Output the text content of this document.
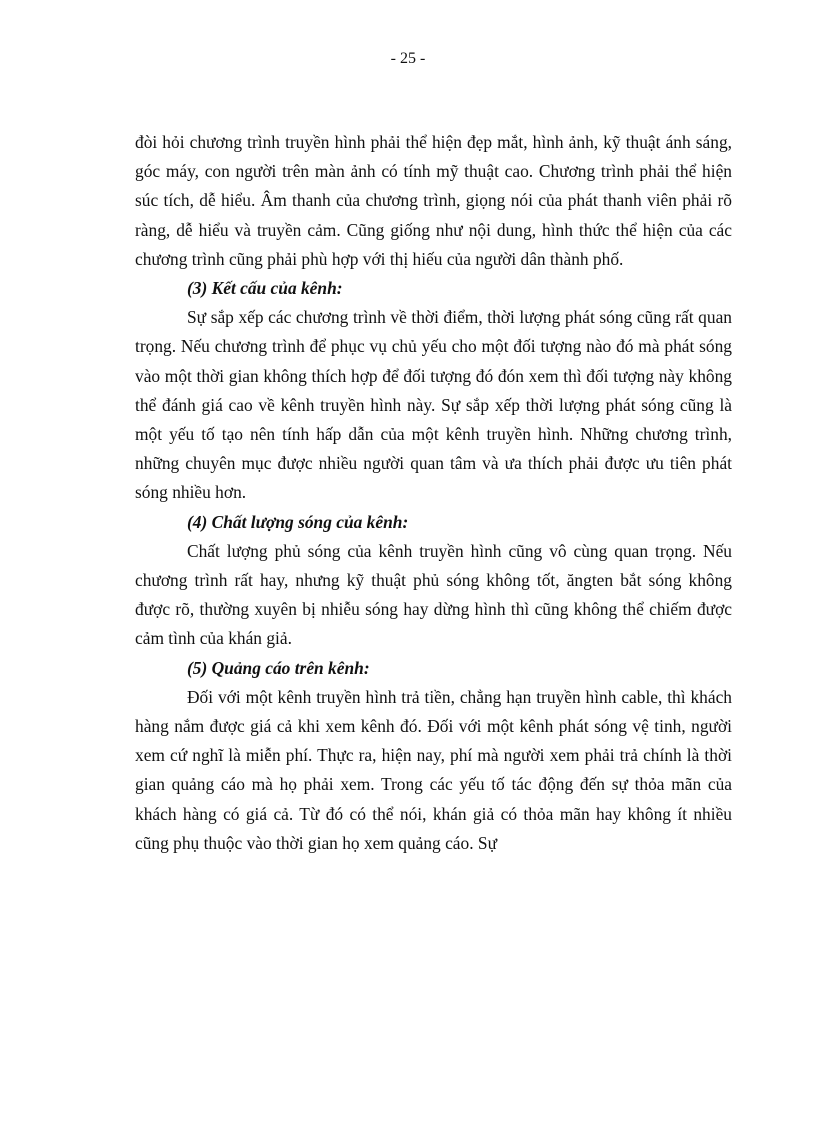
- 25 -

đòi hỏi chương trình truyền hình phải thể hiện đẹp mắt, hình ảnh, kỹ thuật ánh sáng, góc máy, con người trên màn ảnh có tính mỹ thuật cao. Chương trình phải thể hiện súc tích, dễ hiểu. Âm thanh của chương trình, giọng nói của phát thanh viên phải rõ ràng, dễ hiểu và truyền cảm. Cũng giống như nội dung, hình thức thể hiện của các chương trình cũng phải phù hợp với thị hiếu của người dân thành phố.

(3) Kết cấu của kênh:

Sự sắp xếp các chương trình về thời điểm, thời lượng phát sóng cũng rất quan trọng. Nếu chương trình để phục vụ chủ yếu cho một đối tượng nào đó mà phát sóng vào một thời gian không thích hợp để đối tượng đó đón xem thì đối tượng này không thể đánh giá cao về kênh truyền hình này. Sự sắp xếp thời lượng phát sóng cũng là một yếu tố tạo nên tính hấp dẫn của một kênh truyền hình. Những chương trình, những chuyên mục được nhiều người quan tâm và ưa thích phải được ưu tiên phát sóng nhiều hơn.

(4) Chất lượng sóng của kênh:

Chất lượng phủ sóng của kênh truyền hình cũng vô cùng quan trọng. Nếu chương trình rất hay, nhưng kỹ thuật phủ sóng không tốt, ăngten bắt sóng không được rõ, thường xuyên bị nhiễu sóng hay dừng hình thì cũng không thể chiếm được cảm tình của khán giả.

(5) Quảng cáo trên kênh:

Đối với một kênh truyền hình trả tiền, chẳng hạn truyền hình cable, thì khách hàng nắm được giá cả khi xem kênh đó. Đối với một kênh phát sóng vệ tinh, người xem cứ nghĩ là miễn phí. Thực ra, hiện nay, phí mà người xem phải trả chính là thời gian quảng cáo mà họ phải xem. Trong các yếu tố tác động đến sự thỏa mãn của khách hàng có giá cả. Từ đó có thể nói, khán giả có thỏa mãn hay không ít nhiều cũng phụ thuộc vào thời gian họ xem quảng cáo. Sự
